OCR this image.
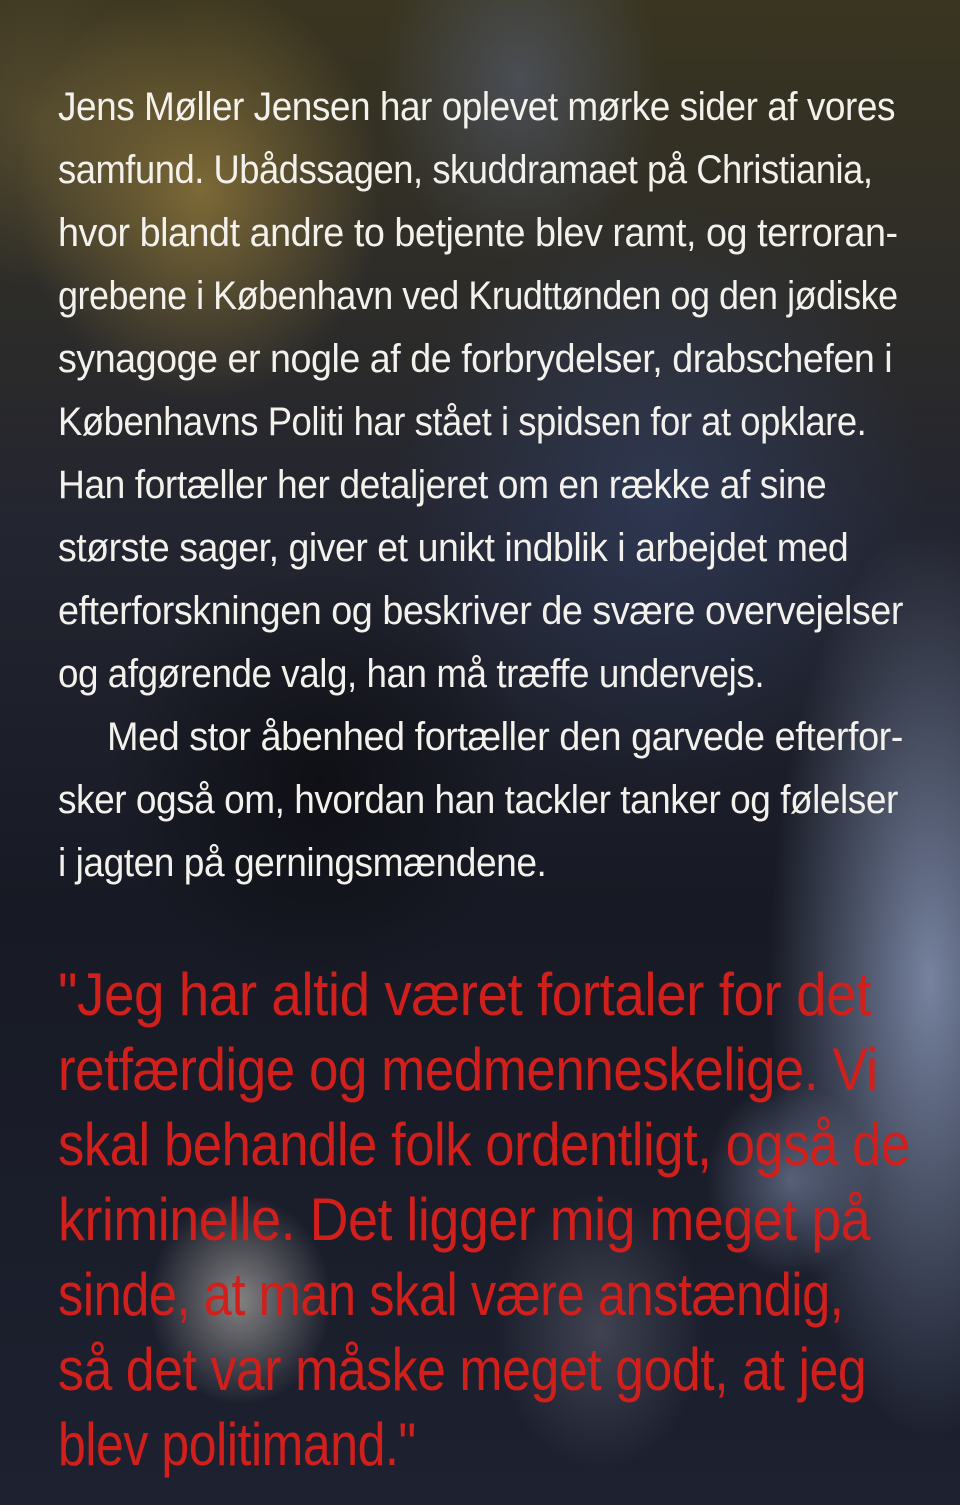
Jens Møller Jensen har oplevet mørke sider af vores
samfund. Ubådssagen, skuddramaet på Christiania,
hvor blandt andre to betjente blev ramt, og terroran-
grebene i København ved Krudttønden og den jødiske
synagoge er nogle af de forbrydelser, drabschefen i
Københavns Politi har stået i spidsen for at opklare.
Han fortæller her detaljeret om en række af sine
største sager, giver et unikt indblik i arbejdet med
efterforskningen og beskriver de svære overvejelser
og afgørende valg, han må træffe undervejs.
Med stor åbenhed fortæller den garvede efterfor-
sker også om, hvordan han tackler tanker og følelser
i jagten på gerningsmændene.
"Jeg har altid været fortaler for det
retfærdige og medmenneskelige. Vi
skal behandle folk ordentligt, også de
kriminelle. Det ligger mig meget på
sinde, at man skal være anstændig,
så det var måske meget godt, at jeg
blev politimand."
